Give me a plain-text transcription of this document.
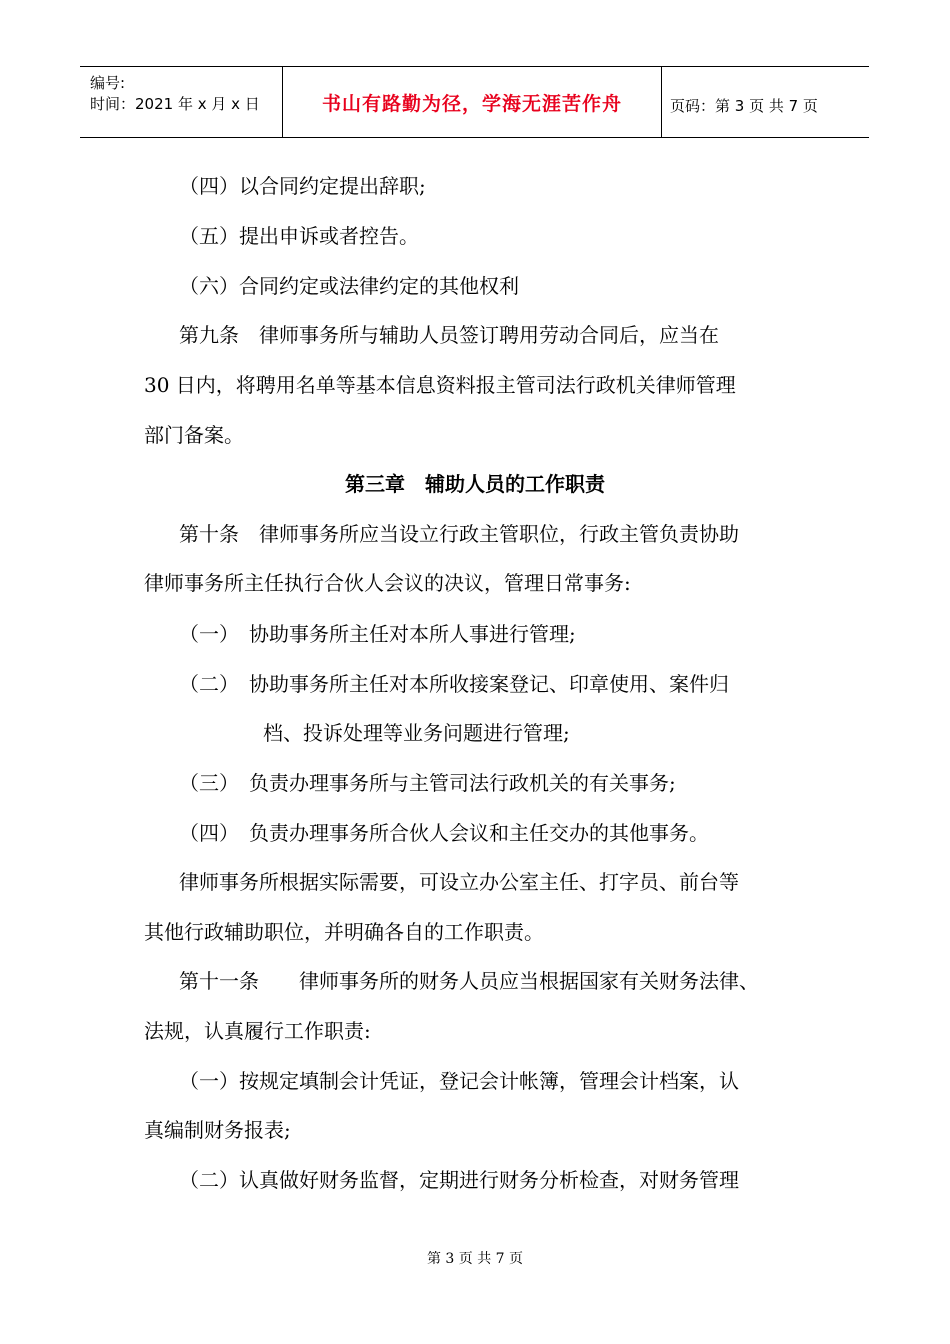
编号:
时间：2021 年 x 月 x 日	书山有路勤为径，学海无涯苦作舟	页码：第 3 页 共 7 页
（四）以合同约定提出辞职;
（五）提出申诉或者控告。
（六）合同约定或法律约定的其他权利
第九条　律师事务所与辅助人员签订聘用劳动合同后，应当在
30 日内，将聘用名单等基本信息资料报主管司法行政机关律师管理
部门备案。
第三章　辅助人员的工作职责
第十条　律师事务所应当设立行政主管职位，行政主管负责协助
律师事务所主任执行合伙人会议的决议，管理日常事务:
（一）　协助事务所主任对本所人事进行管理;
（二）　协助事务所主任对本所收接案登记、印章使用、案件归
档、投诉处理等业务问题进行管理;
（三）　负责办理事务所与主管司法行政机关的有关事务;
（四）　负责办理事务所合伙人会议和主任交办的其他事务。
律师事务所根据实际需要，可设立办公室主任、打字员、前台等
其他行政辅助职位，并明确各自的工作职责。
第十一条　　律师事务所的财务人员应当根据国家有关财务法律、
法规，认真履行工作职责:
（一）按规定填制会计凭证，登记会计帐簿，管理会计档案，认
真编制财务报表;
（二）认真做好财务监督，定期进行财务分析检查，对财务管理
第 3 页 共 7 页
